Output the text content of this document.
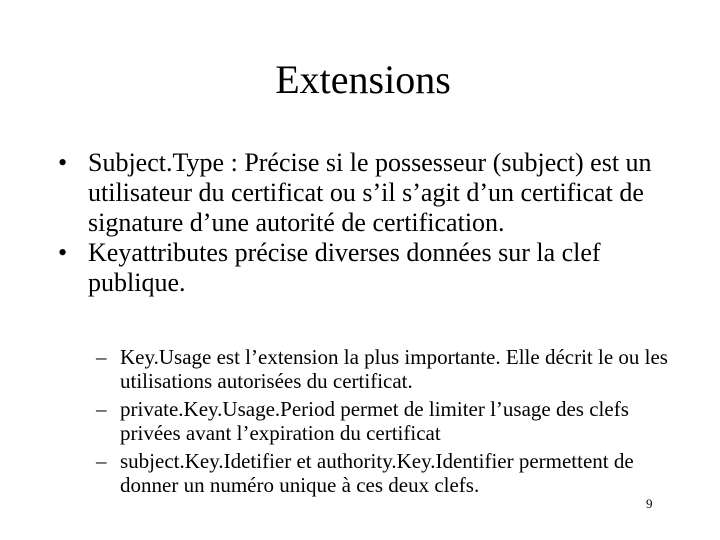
Extensions
• Subject.Type : Précise si le possesseur (subject) est un utilisateur du certificat ou s’il s’agit d’un certificat de signature d’une autorité de certification.
• Keyattributes précise diverses données sur la clef publique.
– Key.Usage est l’extension la plus importante. Elle décrit le ou les utilisations autorisées du certificat.
– private.Key.Usage.Period permet de limiter l’usage des clefs privées avant l’expiration du certificat
– subject.Key.Idetifier et authority.Key.Identifier permettent de donner un numéro unique à ces deux clefs.
9
